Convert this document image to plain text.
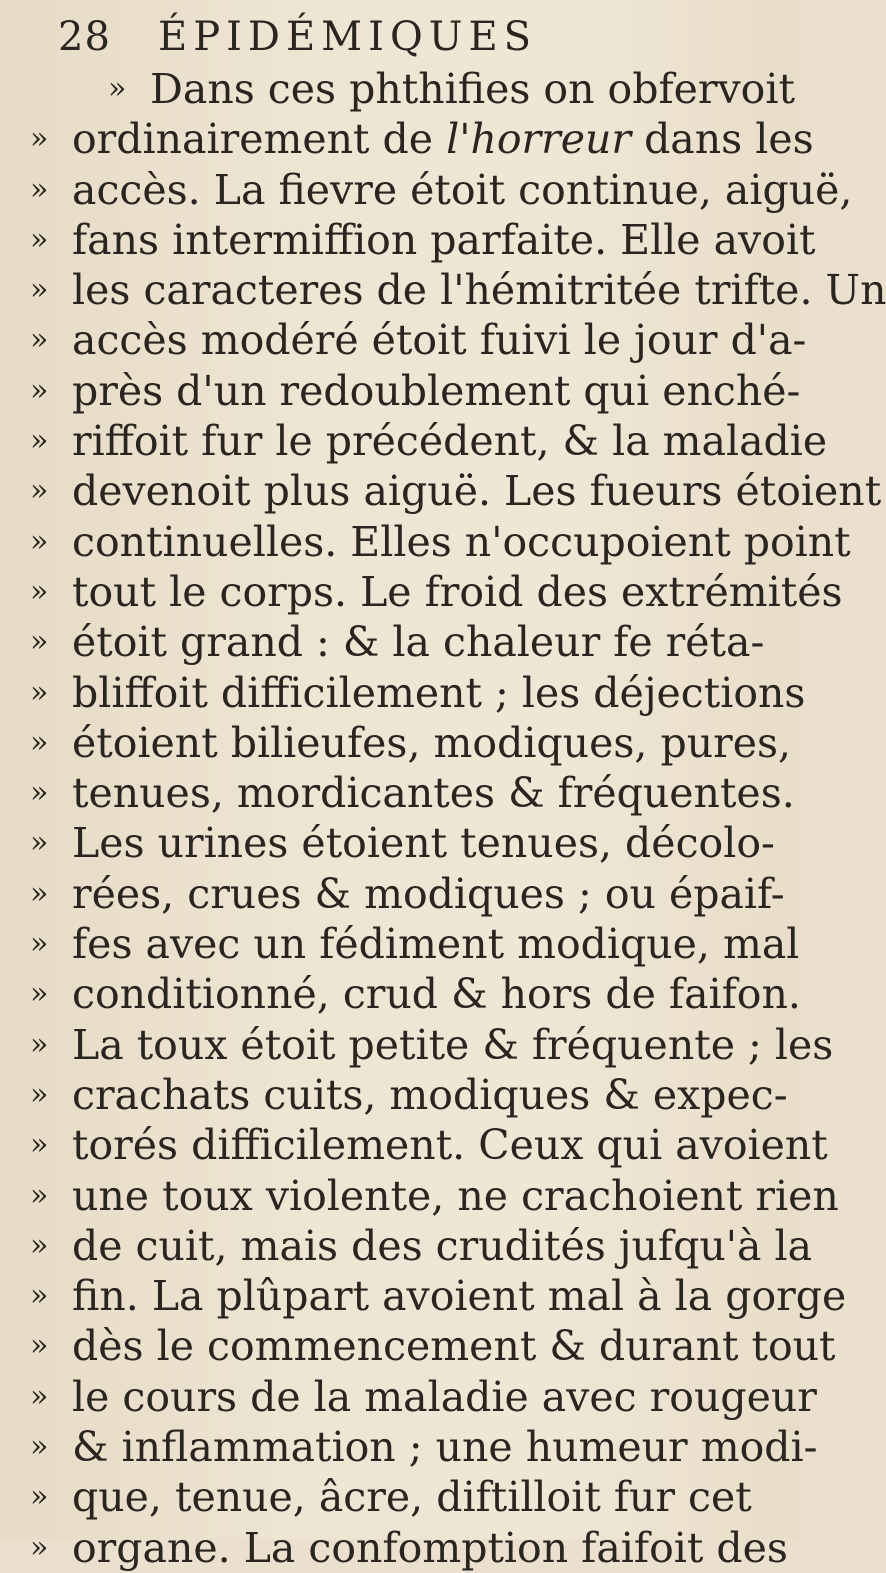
28 ÉPIDÉMIQUES
» Dans ces phthifies on obfervoit
» ordinairement de l'horreur dans les
» accès. La fievre étoit continue, aiguë,
» fans intermiffion parfaite. Elle avoit
» les caracteres de l'hémitritée trifte. Un
» accès modéré étoit fuivi le jour d'a-
» près d'un redoublement qui enché-
» riffoit fur le précédent, & la maladie
» devenoit plus aiguë. Les fueurs étoient
» continuelles. Elles n'occupoient point
» tout le corps. Le froid des extrémités
» étoit grand : & la chaleur fe réta-
» bliffoit difficilement ; les déjections
» étoient bilieufes, modiques, pures,
» tenues, mordicantes & fréquentes.
» Les urines étoient tenues, décolo-
» rées, crues & modiques ; ou épaif-
» fes avec un fédiment modique, mal
» conditionné, crud & hors de faifon.
» La toux étoit petite & fréquente ; les
» crachats cuits, modiques & expec-
» torés difficilement. Ceux qui avoient
» une toux violente, ne crachoient rien
» de cuit, mais des crudités jufqu'à la
» fin. La plûpart avoient mal à la gorge
» dès le commencement & durant tout
» le cours de la maladie avec rougeur
» & inflammation ; une humeur modi-
» que, tenue, âcre, diftilloit fur cet
» organe. La confomption faifoit des
